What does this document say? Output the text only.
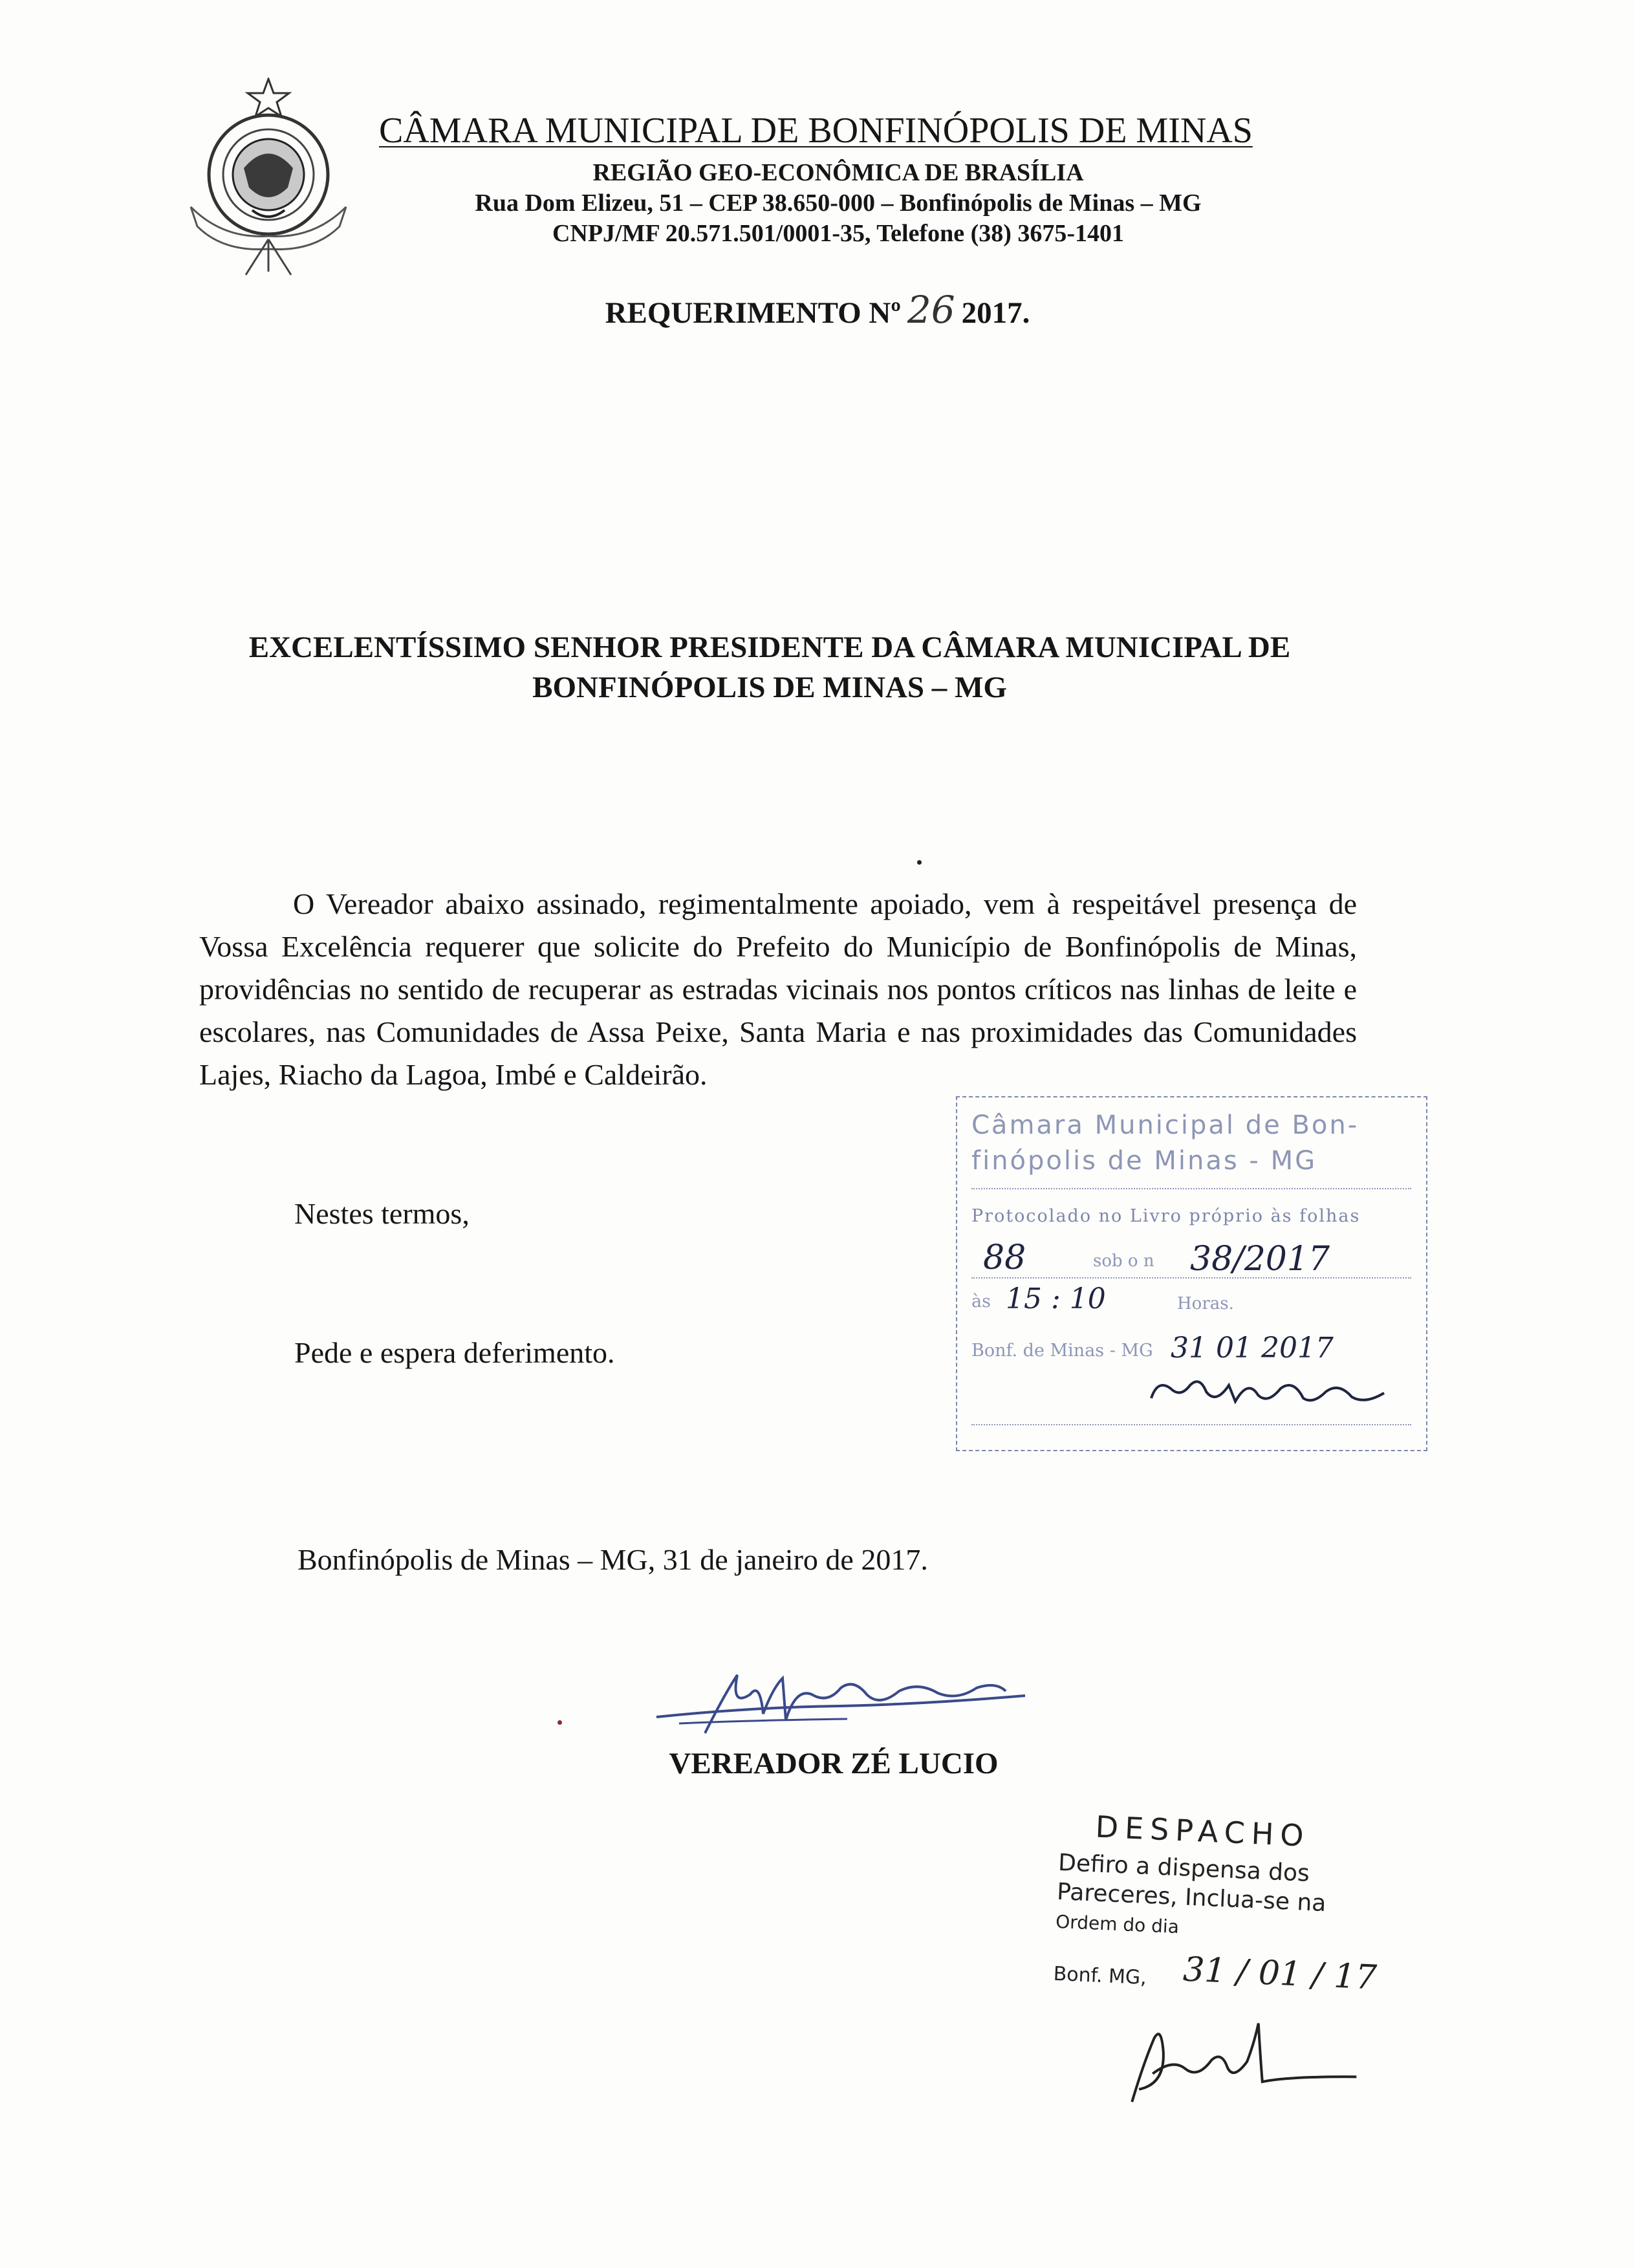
CÂMARA MUNICIPAL DE BONFINÓPOLIS DE MINAS
REGIÃO GEO-ECONÔMICA DE BRASÍLIA
Rua Dom Elizeu, 51 – CEP 38.650-000 – Bonfinópolis de Minas – MG
CNPJ/MF 20.571.501/0001-35, Telefone (38) 3675-1401
REQUERIMENTO Nº 26 2017.
EXCELENTÍSSIMO SENHOR PRESIDENTE DA CÂMARA MUNICIPAL DE
BONFINÓPOLIS DE MINAS – MG
O Vereador abaixo assinado, regimentalmente apoiado, vem à respeitável presença de Vossa Excelência requerer que solicite do Prefeito do Município de Bonfinópolis de Minas, providências no sentido de recuperar as estradas vicinais nos pontos críticos nas linhas de leite e escolares, nas Comunidades de Assa Peixe, Santa Maria e nas proximidades das Comunidades Lajes, Riacho da Lagoa, Imbé e Caldeirão.
Nestes termos,
Pede e espera deferimento.
Bonfinópolis de Minas – MG, 31 de janeiro de 2017.
Câmara Municipal de Bon-
finópolis de Minas - MG
Protocolado no Livro próprio às folhas
88	sob o n 38/2017
às 15 : 10	Horas.
Bonf. de Minas - MG 31 01 2017
VEREADOR ZÉ LUCIO
DESPACHO
Defiro a dispensa dos
Pareceres, Inclua-se na
Ordem do dia
Bonf. MG, 31 / 01 / 17
